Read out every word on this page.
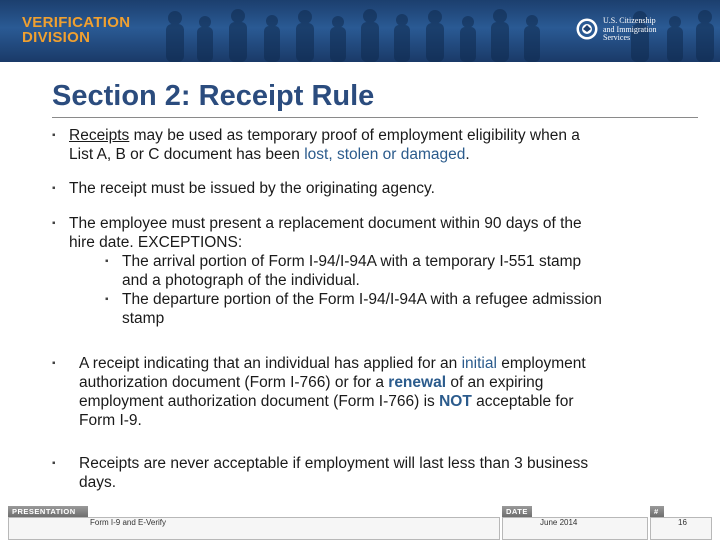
VERIFICATION
DIVISION
U.S. Citizenship
and Immigration
Services
Section 2: Receipt Rule
▪ Receipts may be used as temporary proof of employment eligibility when a
List A, B or C document has been lost, stolen or damaged.
▪ The receipt must be issued by the originating agency.
▪ The employee must present a replacement document within 90 days of the
hire date. EXCEPTIONS:
▪ The arrival portion of Form I-94/I-94A with a temporary I-551 stamp
and a photograph of the individual.
▪ The departure portion of the Form I-94/I-94A with a refugee admission
stamp
▪	A receipt indicating that an individual has applied for an initial employment
authorization document (Form I-766) or for a renewal of an expiring
employment authorization document (Form I-766) is NOT acceptable for
Form I-9.
▪	Receipts are never acceptable if employment will last less than 3 business
days.
PRESENTATION	DATE	#
Form I-9 and E-Verify	June 2014	16
